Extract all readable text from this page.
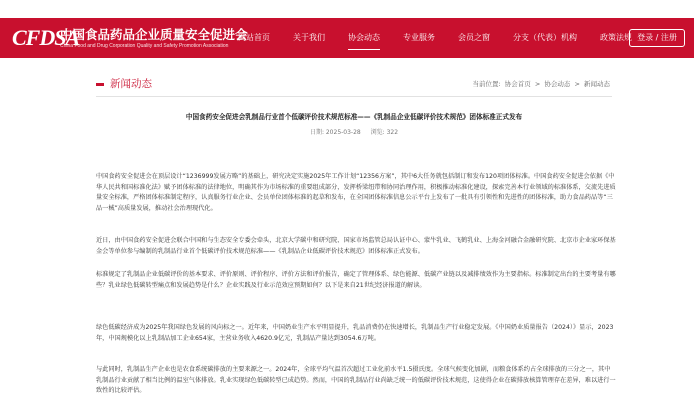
CFDSA
中国食品药品企业质量安全促进会
China Food and Drug Corporation Quality and Safety Promotion Association
网站首页	关于我们	协会动态	专业服务	会员之窗	分支（代表）机构	政策法规 登录 / 注册
新闻动态	当前位置: 协会首页 > 协会动态 > 新闻动态
中国食药安全促进会乳制品行业首个低碳评价技术规范标准——《乳制品企业低碳评价技术规范》团体标准正式发布
日期: 2025-03-28 浏览: 322
中国食药安全促进会在顶层设计“1236999发展方略”的基础上，研究决定实施2025年工作计划“12356方案”，其中6大任务就包括制订和发布120项团体标准。中国食药安全促进会依据《中华人民共和国标准化法》赋予团体标准的法律地位，明确其作为市场标准的重要组成部分，发挥桥梁纽带和协同治理作用，积极推动标准化建设，探索完善本行业领域的标准体系，交流先进质量安全标准，严格团体标准制定程序，认真服务行业企业、会员单位团体标准的起草和发布，在全国团体标准信息公示平台上发布了一批具有引领性和先进性的团体标准，助力食品药品等“三品一械”高质量发展，推动社会治理现代化。
近日，由中国食药安全促进会联合中国和与生态安全专委会牵头，北京大学碳中和研究院、国家市场监管总局认证中心、蒙牛乳业、飞鹤乳业、上海金河融合金融研究院、北京市企业家环保基金会等单位参与编制的乳制品行业首个低碳评价技术规范标准——《乳制品企业低碳评价技术规范》团体标准正式发布。
标准规定了乳制品企业低碳评价的基本要求、评价原则、评价程序、评价方法和评价报告，确定了管理体系、绿色能源、低碳产业链以及减排绩效作为主要指标。标准制定出台的主要考量有哪些？乳业绿色低碳转型痛点和发展趋势是什么？企业实践及行业示范效应预期如何？以下是来自21世纪经济报道的解读。
绿色低碳经济成为2025年我国绿色发展的风向标之一。近年来，中国奶业生产水平明显提升，乳品消费仍在快速增长，乳制品生产行业稳定发展。《中国奶业质量报告（2024）》显示，2023年，中国规模化以上乳制品加工企业654家，主营业务收入4620.9亿元，乳制品产量达到3054.6万吨。
与此同时，乳制品生产企业也是农食系统碳排放的主要来源之一。2024年，全球平均气温首次超过工业化前水平1.5摄氏度。全球气候变化加剧，而粮食体系约占全球排放的三分之一，其中乳制品行业贡献了相当比例的温室气体排放。乳业实现绿色低碳转型已成趋势。然而，中国的乳制品行业尚缺乏统一的低碳评价技术规范，这使得企业在碳排放核算管理存在差异，难以进行一致性的比较评估。
